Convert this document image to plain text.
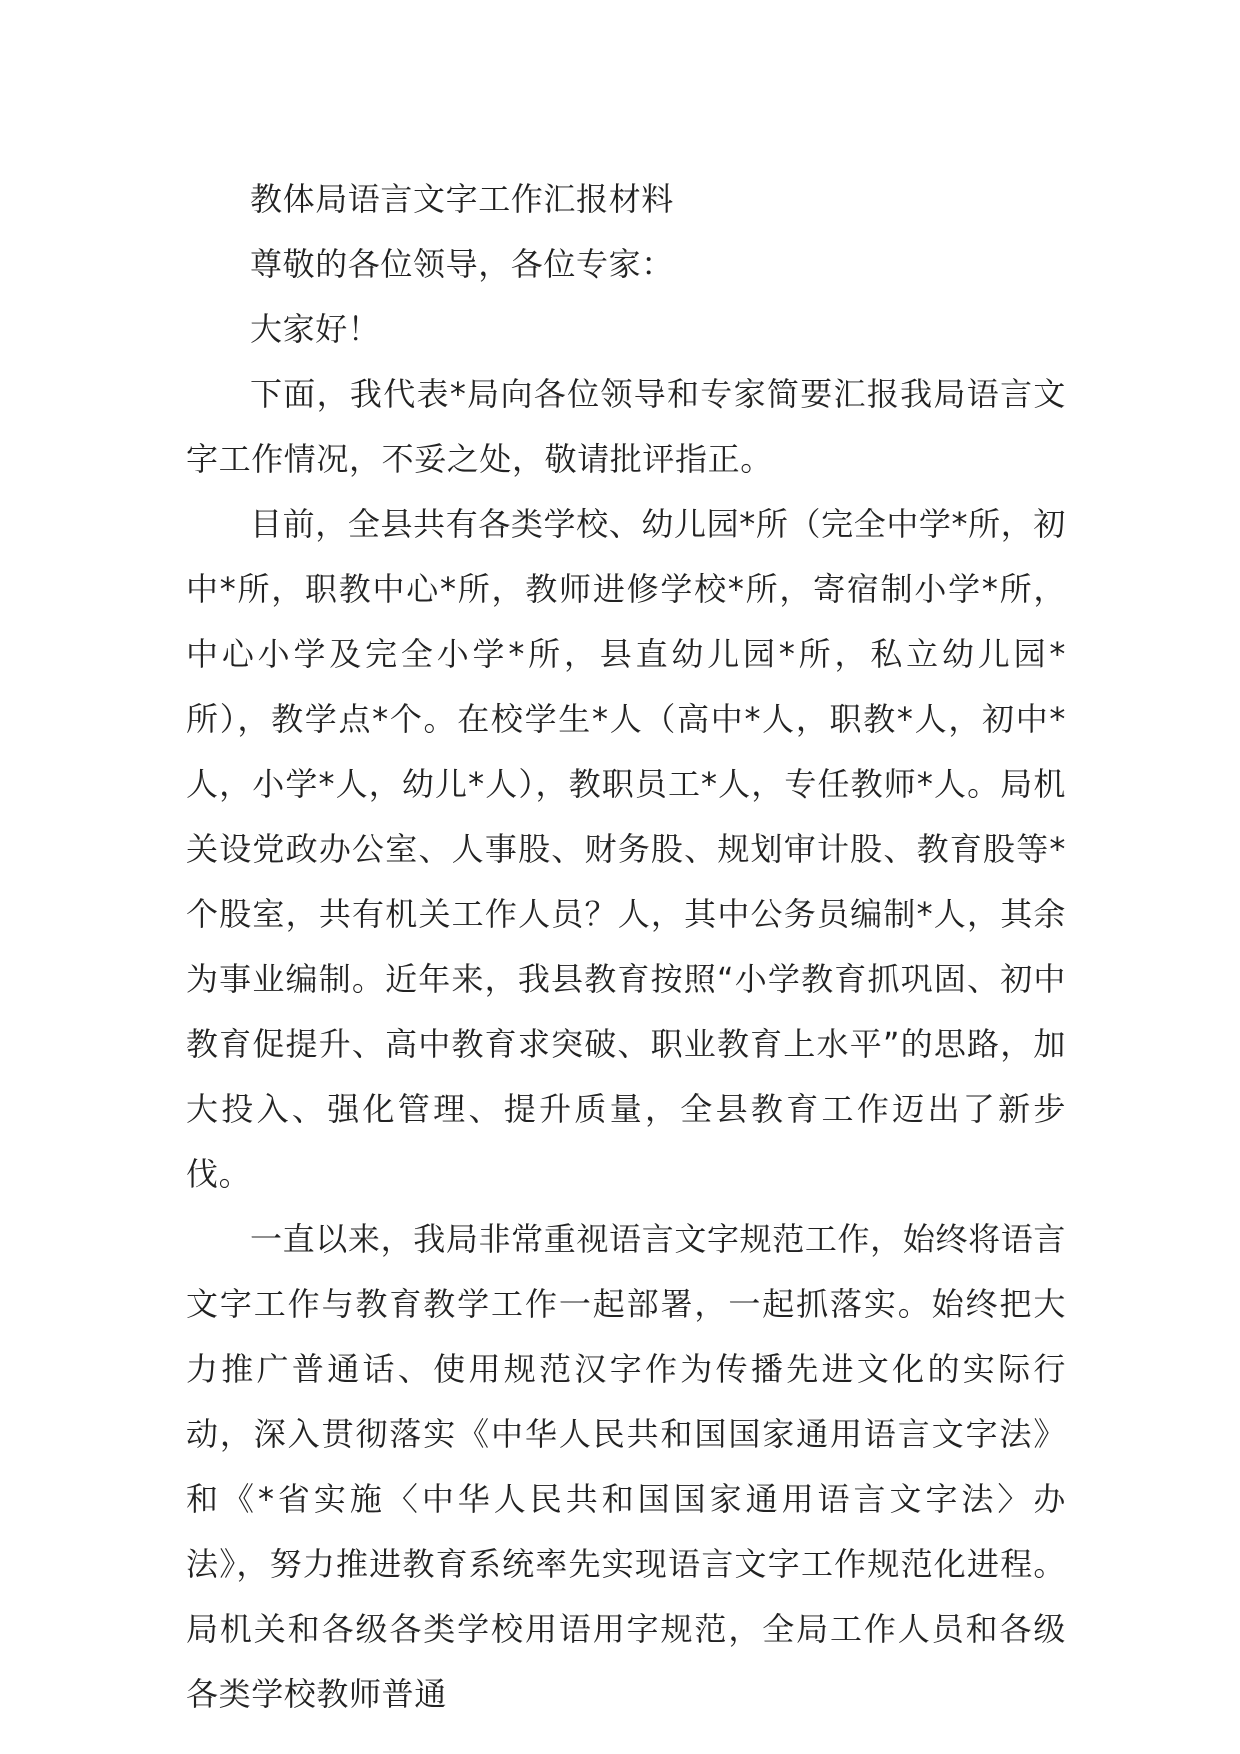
教体局语言文字工作汇报材料

尊敬的各位领导，各位专家：

大家好！

下面，我代表*局向各位领导和专家简要汇报我局语言文字工作情况，不妥之处，敬请批评指正。

目前，全县共有各类学校、幼儿园*所（完全中学*所，初中*所，职教中心*所，教师进修学校*所，寄宿制小学*所，中心小学及完全小学*所，县直幼儿园*所，私立幼儿园*所），教学点*个。在校学生*人（高中*人，职教*人，初中*人，小学*人，幼儿*人），教职员工*人，专任教师*人。局机关设党政办公室、人事股、财务股、规划审计股、教育股等*个股室，共有机关工作人员？人，其中公务员编制*人，其余为事业编制。近年来，我县教育按照“小学教育抓巩固、初中教育促提升、高中教育求突破、职业教育上水平”的思路，加大投入、强化管理、提升质量，全县教育工作迈出了新步伐。

一直以来，我局非常重视语言文字规范工作，始终将语言文字工作与教育教学工作一起部署，一起抓落实。始终把大力推广普通话、使用规范汉字作为传播先进文化的实际行动，深入贯彻落实《中华人民共和国国家通用语言文字法》和《*省实施〈中华人民共和国国家通用语言文字法〉办法》，努力推进教育系统率先实现语言文字工作规范化进程。局机关和各级各类学校用语用字规范，全局工作人员和各级各类学校教师普通
